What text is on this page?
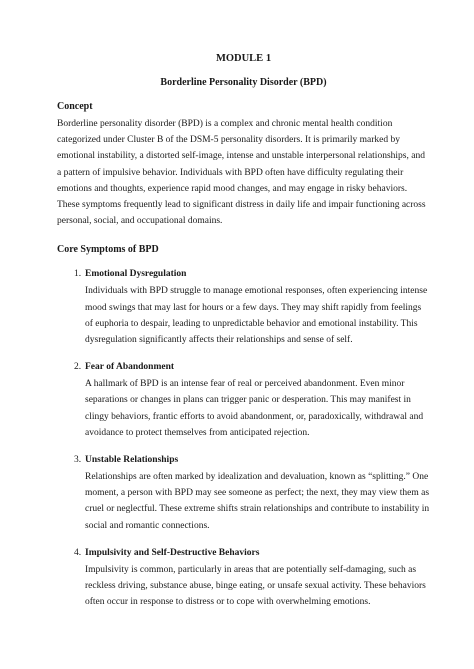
MODULE 1

Borderline Personality Disorder (BPD)

Concept

Borderline personality disorder (BPD) is a complex and chronic mental health condition categorized under Cluster B of the DSM-5 personality disorders. It is primarily marked by emotional instability, a distorted self-image, intense and unstable interpersonal relationships, and a pattern of impulsive behavior. Individuals with BPD often have difficulty regulating their emotions and thoughts, experience rapid mood changes, and may engage in risky behaviors. These symptoms frequently lead to significant distress in daily life and impair functioning across personal, social, and occupational domains.

Core Symptoms of BPD

1. Emotional Dysregulation

Individuals with BPD struggle to manage emotional responses, often experiencing intense mood swings that may last for hours or a few days. They may shift rapidly from feelings of euphoria to despair, leading to unpredictable behavior and emotional instability. This dysregulation significantly affects their relationships and sense of self.

2. Fear of Abandonment

A hallmark of BPD is an intense fear of real or perceived abandonment. Even minor separations or changes in plans can trigger panic or desperation. This may manifest in clingy behaviors, frantic efforts to avoid abandonment, or, paradoxically, withdrawal and avoidance to protect themselves from anticipated rejection.

3. Unstable Relationships

Relationships are often marked by idealization and devaluation, known as “splitting.” One moment, a person with BPD may see someone as perfect; the next, they may view them as cruel or neglectful. These extreme shifts strain relationships and contribute to instability in social and romantic connections.

4. Impulsivity and Self-Destructive Behaviors

Impulsivity is common, particularly in areas that are potentially self-damaging, such as reckless driving, substance abuse, binge eating, or unsafe sexual activity. These behaviors often occur in response to distress or to cope with overwhelming emotions.
